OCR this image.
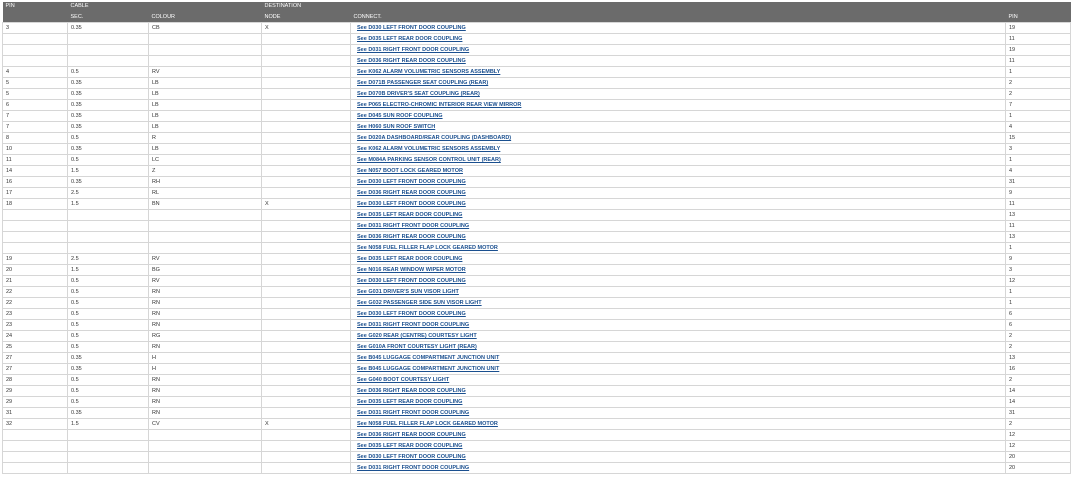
PIN	CABLE		DESTINATION		
	SEC.	COLOUR	NODE	CONNECT.	PIN
3	0.35	CB	X	See D030 LEFT FRONT DOOR COUPLING	19
				See D035 LEFT REAR DOOR COUPLING	11
				See D031 RIGHT FRONT DOOR COUPLING	19
				See D036 RIGHT REAR DOOR COUPLING	11
4	0.5	RV		See K062 ALARM VOLUMETRIC SENSORS ASSEMBLY	1
5	0.35	LB		See D071B PASSENGER SEAT COUPLING (REAR)	2
5	0.35	LB		See D070B DRIVER'S SEAT COUPLING (REAR)	2
6	0.35	LB		See P065 ELECTRO-CHROMIC INTERIOR REAR VIEW MIRROR	7
7	0.35	LB		See D045 SUN ROOF COUPLING	1
7	0.35	LB		See H060 SUN ROOF SWITCH	4
8	0.5	R		See D020A DASHBOARD/REAR COUPLING (DASHBOARD)	15
10	0.35	LB		See K062 ALARM VOLUMETRIC SENSORS ASSEMBLY	3
11	0.5	LC		See M084A PARKING SENSOR CONTROL UNIT (REAR)	1
14	1.5	Z		See N057 BOOT LOCK GEARED MOTOR	4
16	0.35	RH		See D030 LEFT FRONT DOOR COUPLING	31
17	2.5	RL		See D036 RIGHT REAR DOOR COUPLING	9
18	1.5	BN	X	See D030 LEFT FRONT DOOR COUPLING	11
				See D035 LEFT REAR DOOR COUPLING	13
				See D031 RIGHT FRONT DOOR COUPLING	11
				See D036 RIGHT REAR DOOR COUPLING	13
				See N058 FUEL FILLER FLAP LOCK GEARED MOTOR	1
19	2.5	RV		See D035 LEFT REAR DOOR COUPLING	9
20	1.5	BG		See N016 REAR WINDOW WIPER MOTOR	3
21	0.5	RV		See D030 LEFT FRONT DOOR COUPLING	12
22	0.5	RN		See G031 DRIVER'S SUN VISOR LIGHT	1
22	0.5	RN		See G032 PASSENGER SIDE SUN VISOR LIGHT	1
23	0.5	RN		See D030 LEFT FRONT DOOR COUPLING	6
23	0.5	RN		See D031 RIGHT FRONT DOOR COUPLING	6
24	0.5	RG		See G020 REAR (CENTRE) COURTESY LIGHT	2
25	0.5	RN		See G010A FRONT COURTESY LIGHT (REAR)	2
27	0.35	H		See B045 LUGGAGE COMPARTMENT JUNCTION UNIT	13
27	0.35	H		See B045 LUGGAGE COMPARTMENT JUNCTION UNIT	16
28	0.5	RN		See G040 BOOT COURTESY LIGHT	2
29	0.5	RN		See D036 RIGHT REAR DOOR COUPLING	14
29	0.5	RN		See D035 LEFT REAR DOOR COUPLING	14
31	0.35	RN		See D031 RIGHT FRONT DOOR COUPLING	31
32	1.5	CV	X	See N058 FUEL FILLER FLAP LOCK GEARED MOTOR	2
				See D036 RIGHT REAR DOOR COUPLING	12
				See D035 LEFT REAR DOOR COUPLING	12
				See D030 LEFT FRONT DOOR COUPLING	20
				See D031 RIGHT FRONT DOOR COUPLING	20
